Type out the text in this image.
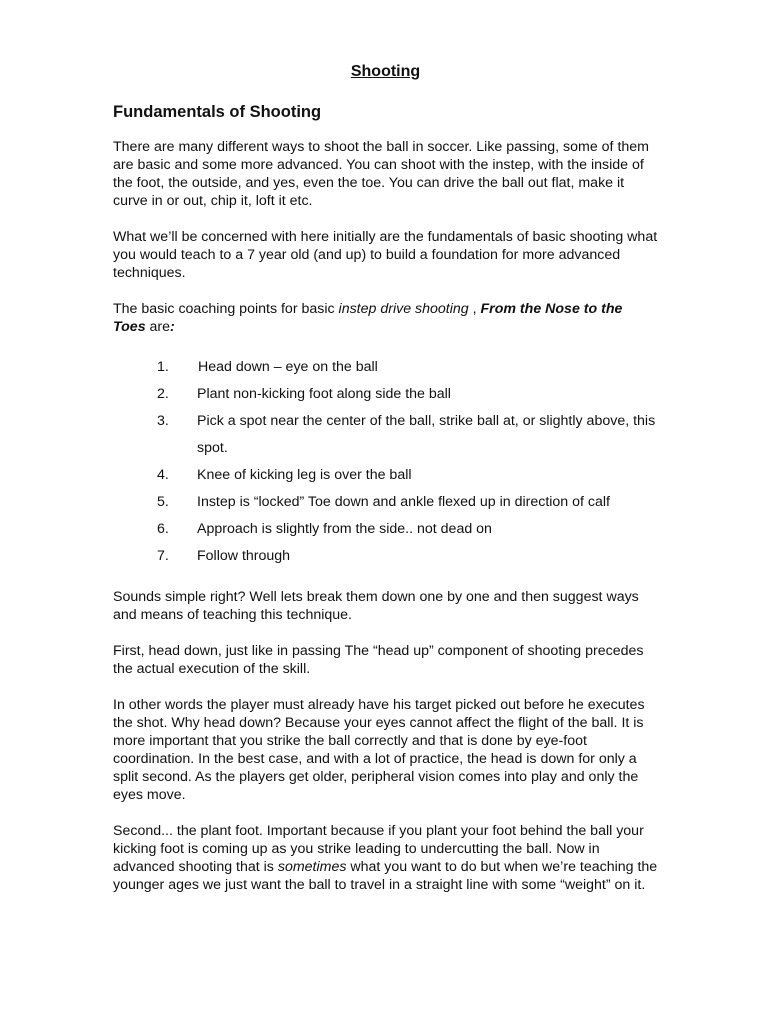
Shooting
Fundamentals of Shooting

There are many different ways to shoot the ball in soccer. Like passing, some of them are basic and some more advanced. You can shoot with the instep, with the inside of the foot, the outside, and yes, even the toe. You can drive the ball out flat, make it curve in or out, chip it, loft it etc.

What we’ll be concerned with here initially are the fundamentals of basic shooting what you would teach to a 7 year old (and up) to build a foundation for more advanced techniques.

The basic coaching points for basic instep drive shooting , From the Nose to the Toes are:

1. Head down – eye on the ball
2. Plant non-kicking foot along side the ball
3. Pick a spot near the center of the ball, strike ball at, or slightly above, this spot.
4. Knee of kicking leg is over the ball
5. Instep is “locked” Toe down and ankle flexed up in direction of calf
6. Approach is slightly from the side.. not dead on
7. Follow through

Sounds simple right? Well lets break them down one by one and then suggest ways and means of teaching this technique.

First, head down, just like in passing The “head up” component of shooting precedes the actual execution of the skill.

In other words the player must already have his target picked out before he executes the shot. Why head down? Because your eyes cannot affect the flight of the ball. It is more important that you strike the ball correctly and that is done by eye-foot coordination. In the best case, and with a lot of practice, the head is down for only a split second. As the players get older, peripheral vision comes into play and only the eyes move.

Second... the plant foot. Important because if you plant your foot behind the ball your kicking foot is coming up as you strike leading to undercutting the ball. Now in advanced shooting that is sometimes what you want to do but when we’re teaching the younger ages we just want the ball to travel in a straight line with some “weight” on it.
